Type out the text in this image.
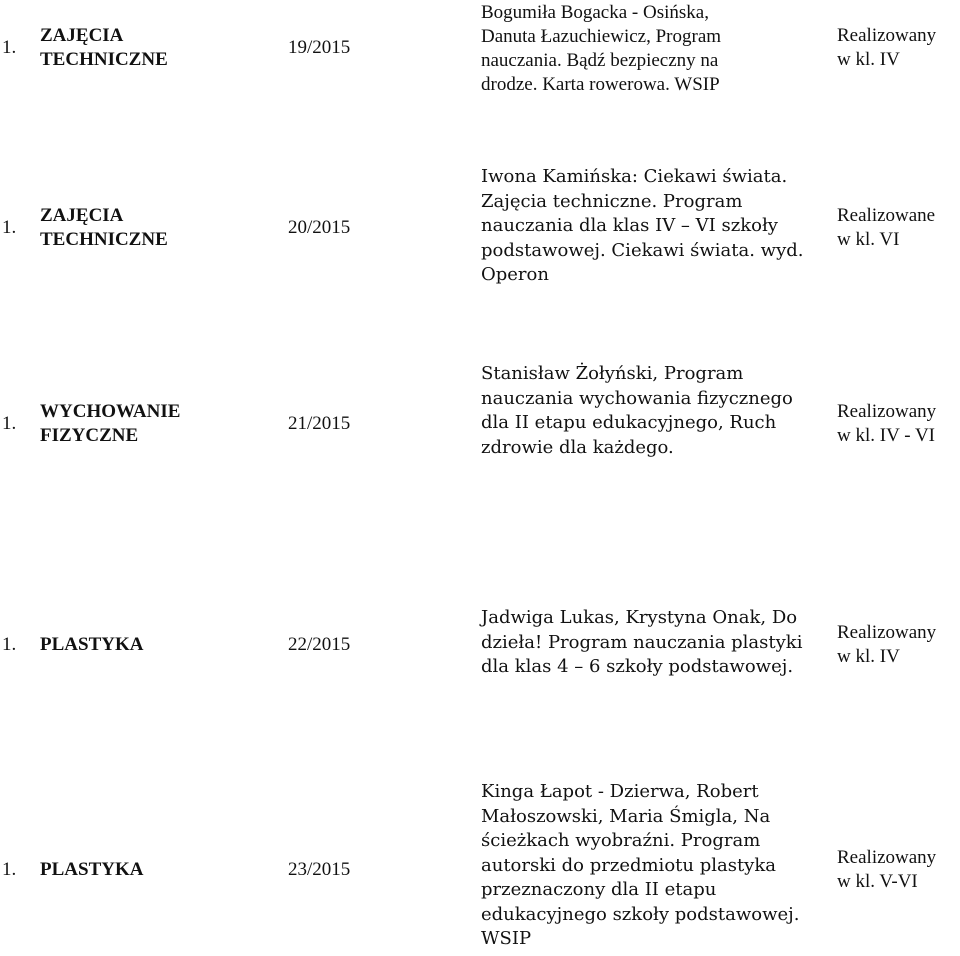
1.
ZAJĘCIA
TECHNICZNE
19/2015
Bogumiła Bogacka - Osińska,
Danuta Łazuchiewicz, Program
nauczania. Bądź bezpieczny na
drodze. Karta rowerowa. WSIP
Realizowany
w kl. IV
1.
ZAJĘCIA
TECHNICZNE
20/2015
Iwona Kamińska: Ciekawi świata.
Zajęcia techniczne. Program
nauczania dla klas IV – VI szkoły
podstawowej. Ciekawi świata. wyd.
Operon
Realizowane
w kl. VI
1.
WYCHOWANIE
FIZYCZNE
21/2015
Stanisław Żołyński, Program
nauczania wychowania fizycznego
dla II etapu edukacyjnego, Ruch
zdrowie dla każdego.
Realizowany
w kl. IV - VI
1. PLASTYKA	22/2015
Jadwiga Lukas, Krystyna Onak, Do
dzieła! Program nauczania plastyki
dla klas 4 – 6 szkoły podstawowej.
Realizowany
w kl. IV
1. PLASTYKA	23/2015
Kinga Łapot - Dzierwa, Robert
Małoszowski, Maria Śmigla, Na
ścieżkach wyobraźni. Program
autorski do przedmiotu plastyka
przeznaczony dla II etapu
edukacyjnego szkoły podstawowej.
WSIP
Realizowany
w kl. V-VI
